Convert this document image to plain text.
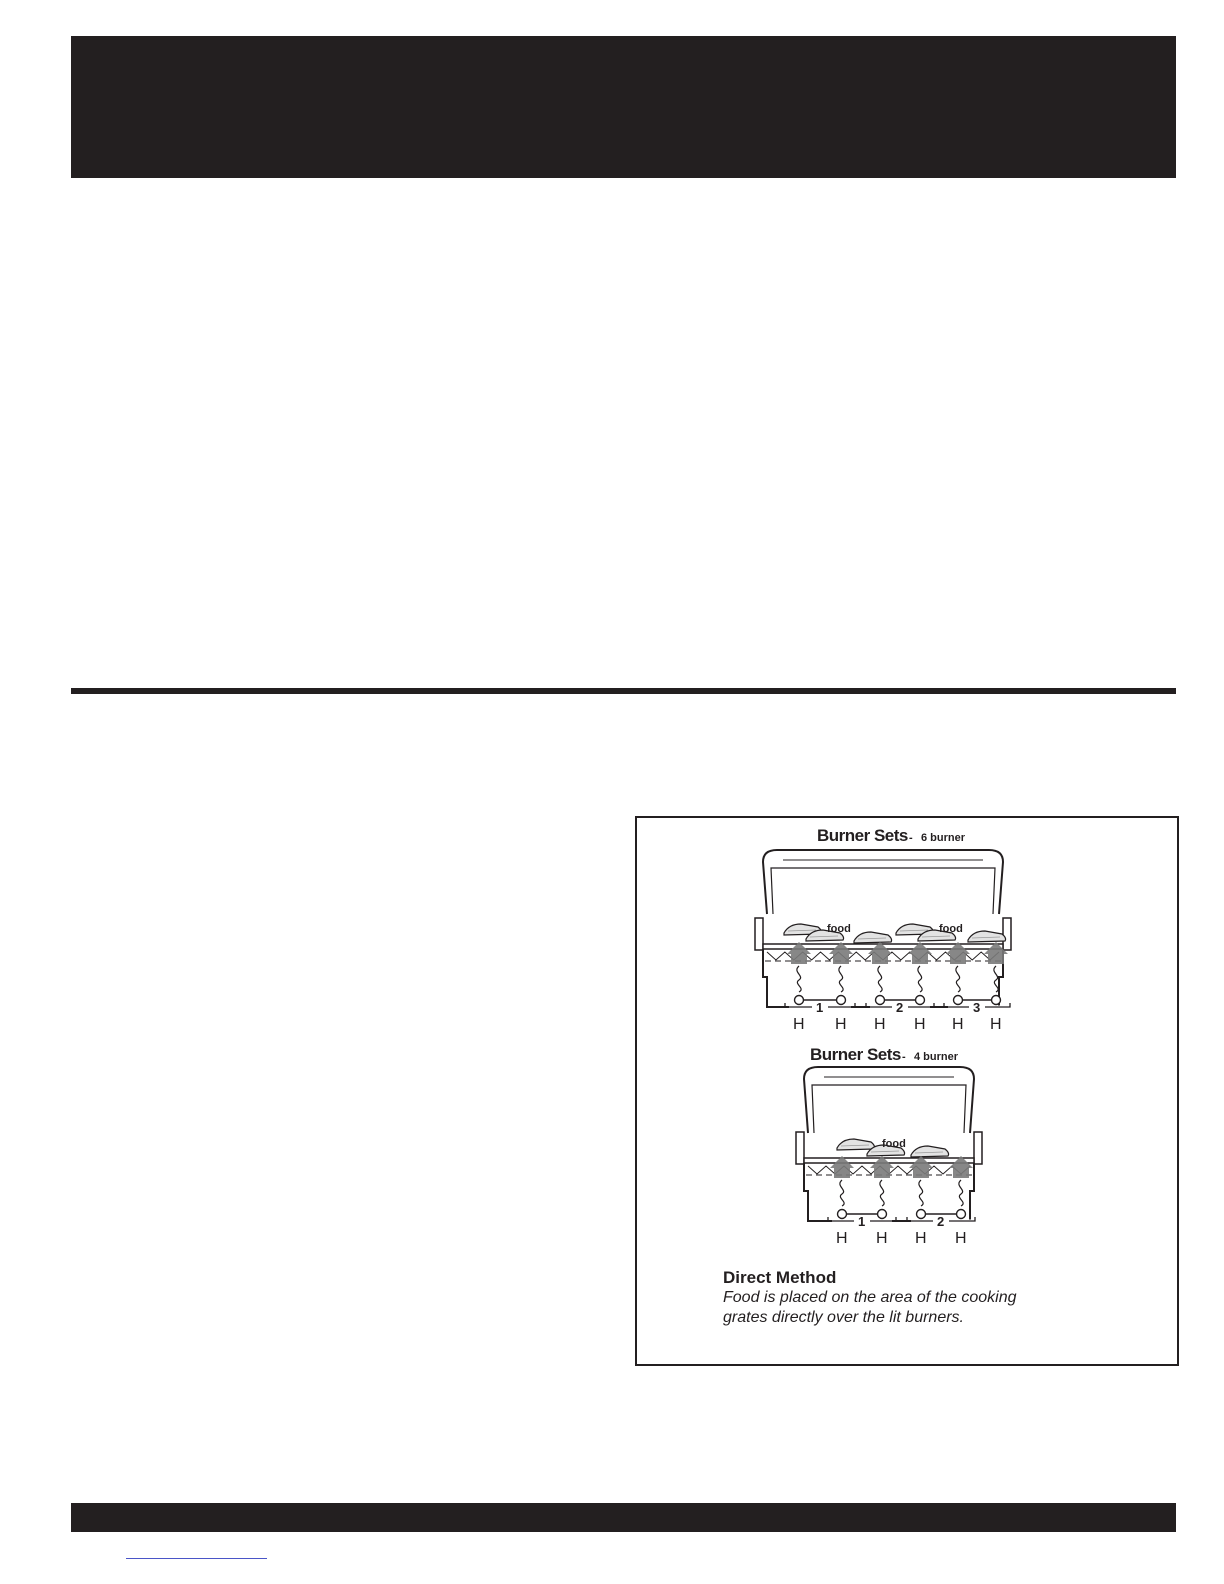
Burner Sets - 6 burner
food	food
1
H H
2
H H
3
H H
Burner Sets - 4 burner
food
1
H H
2
H H
Direct Method
Food is placed on the area of the cooking grates directly over the lit burners.
